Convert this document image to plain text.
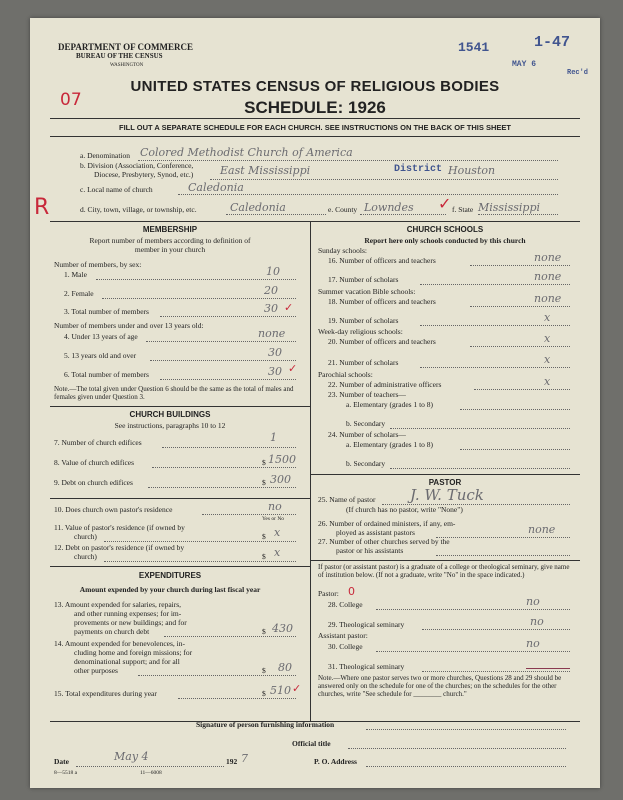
DEPARTMENT OF COMMERCE
BUREAU OF THE CENSUS
WASHINGTON
1541	1-47
MAY 6
Rec'd
07
UNITED STATES CENSUS OF RELIGIOUS BODIES
SCHEDULE: 1926
FILL OUT A SEPARATE SCHEDULE FOR EACH CHURCH. SEE INSTRUCTIONS ON THE BACK OF THIS SHEET
a. Denomination Colored Methodist Church of America
b. Division (Association, Conference,
Diocese, Presbytery, Synod, etc.) East Mississippi	District Houston
R
c. Local name of church	Caledonia
d. City, town, village, or township, etc.	Caledonia	e. County Lowndes ✓ f. State Mississippi
MEMBERSHIP
Report number of members according to definition of
member in your church
Number of members, by sex:
1. Male	10
2. Female	20
3. Total number of members	30 ✓
Number of members under and over 13 years old:
4. Under 13 years of age	none
5. 13 years old and over	30
6. Total number of members	30 ✓
Note.—The total given under Question 6 should be the same as the total of males and females given under Question 3.
CHURCH BUILDINGS
See instructions, paragraphs 10 to 12
7. Number of church edifices	1
8. Value of church edifices	$ 1500
9. Debt on church edifices	$ 300
10. Does church own pastor's residence	no
Yes or No
11. Value of pastor's residence (if owned by
church)	$ x
12. Debt on pastor's residence (if owned by
church)	$ x
EXPENDITURES
Amount expended by your church during last fiscal year
13. Amount expended for salaries, repairs,
and other running expenses; for im-
provements or new buildings; and for
payments on church debt	$ 430
14. Amount expended for benevolences, in-
cluding home and foreign missions; for
denominational support; and for all
other purposes	$ 80
15. Total expenditures during year	$ 510 ✓
CHURCH SCHOOLS
Report here only schools conducted by this church
Sunday schools:
16. Number of officers and teachers	none
17. Number of scholars	none
Summer vacation Bible schools:
18. Number of officers and teachers	none
19. Number of scholars	x
Week-day religious schools:
20. Number of officers and teachers	x
21. Number of scholars	x
Parochial schools:
22. Number of administrative officers	x
23. Number of teachers—
a. Elementary (grades 1 to 8)
b. Secondary
24. Number of scholars—
a. Elementary (grades 1 to 8)
b. Secondary
PASTOR
25. Name of pastor J. W. Tuck
(If church has no pastor, write "None")
26. Number of ordained ministers, if any, em-
ployed as assistant pastors	none
27. Number of other churches served by the
pastor or his assistants
If pastor (or assistant pastor) is a graduate of a college or theological seminary, give name of institution below. (If not a graduate, write "No" in the space indicated.)
Pastor: 0
28. College	no
29. Theological seminary	no
Assistant pastor:
30. College	no
31. Theological seminary
Note.—Where one pastor serves two or more churches, Questions 28 and 29 should be answered only on the schedule for one of the churches; on the schedules for the other churches, write "See schedule for ________ church."
Signature of person furnishing information
Official title
Date	May 4	192 7	P. O. Address
8—5518 a	11—6008
